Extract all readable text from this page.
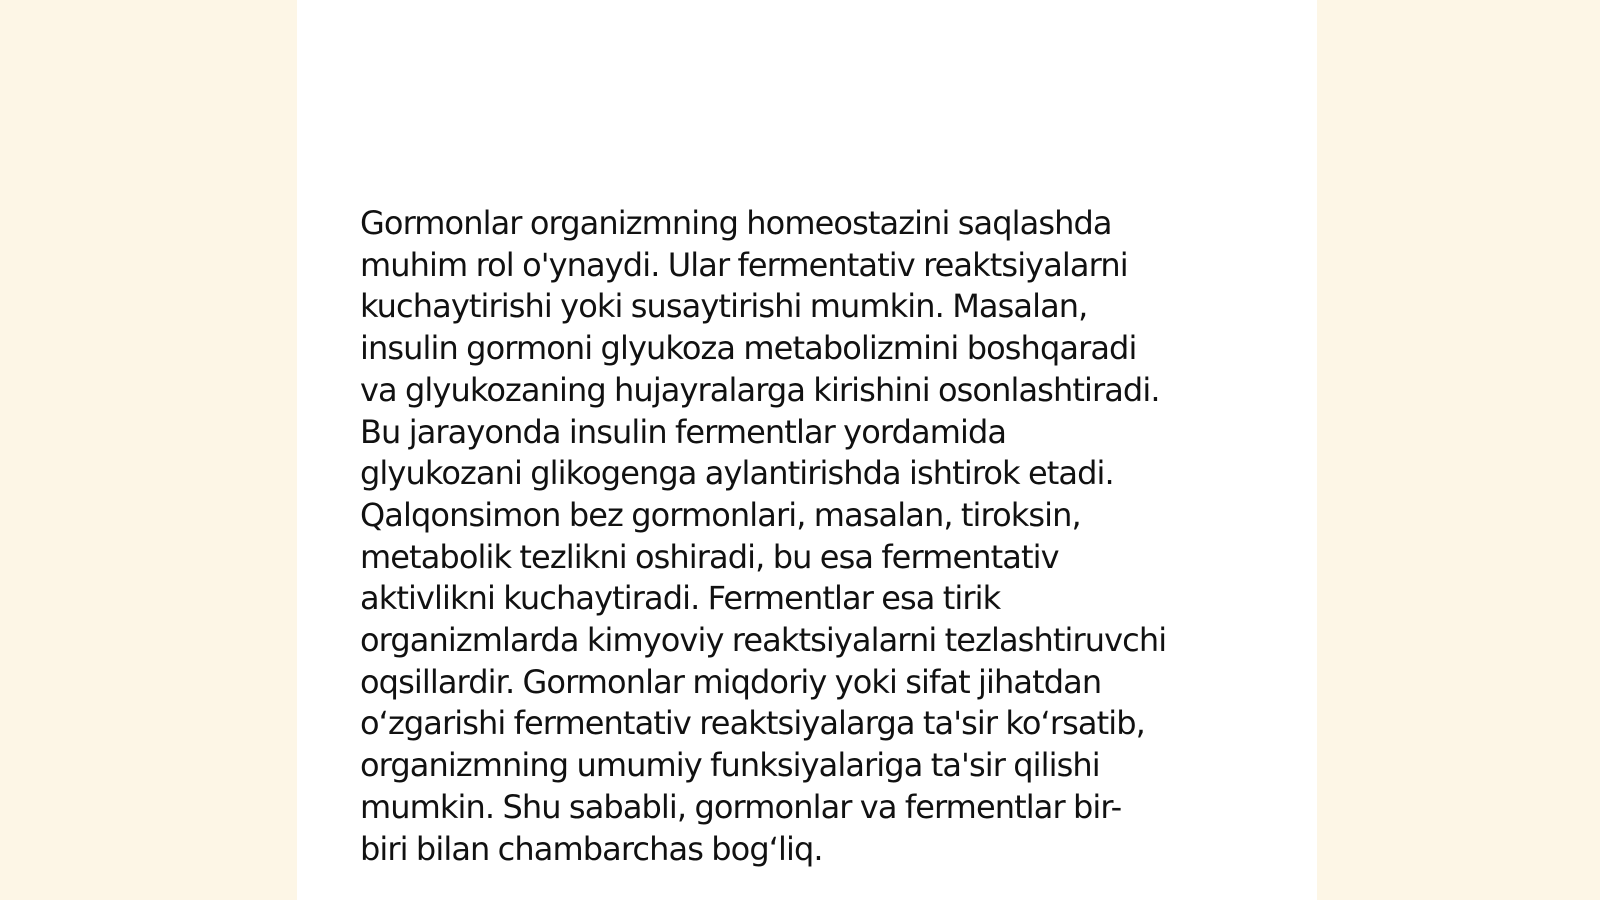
Gormonlar organizmning homeostazini saqlashda
muhim rol o'ynaydi. Ular fermentativ reaktsiyalarni
kuchaytirishi yoki susaytirishi mumkin. Masalan,
insulin gormoni glyukoza metabolizmini boshqaradi
va glyukozaning hujayralarga kirishini osonlashtiradi.
Bu jarayonda insulin fermentlar yordamida
glyukozani glikogenga aylantirishda ishtirok etadi.
Qalqonsimon bez gormonlari, masalan, tiroksin,
metabolik tezlikni oshiradi, bu esa fermentativ
aktivlikni kuchaytiradi. Fermentlar esa tirik
organizmlarda kimyoviy reaktsiyalarni tezlashtiruvchi
oqsillardir. Gormonlar miqdoriy yoki sifat jihatdan
o‘zgarishi fermentativ reaktsiyalarga ta'sir ko‘rsatib,
organizmning umumiy funksiyalariga ta'sir qilishi
mumkin. Shu sababli, gormonlar va fermentlar bir-
biri bilan chambarchas bog‘liq.
